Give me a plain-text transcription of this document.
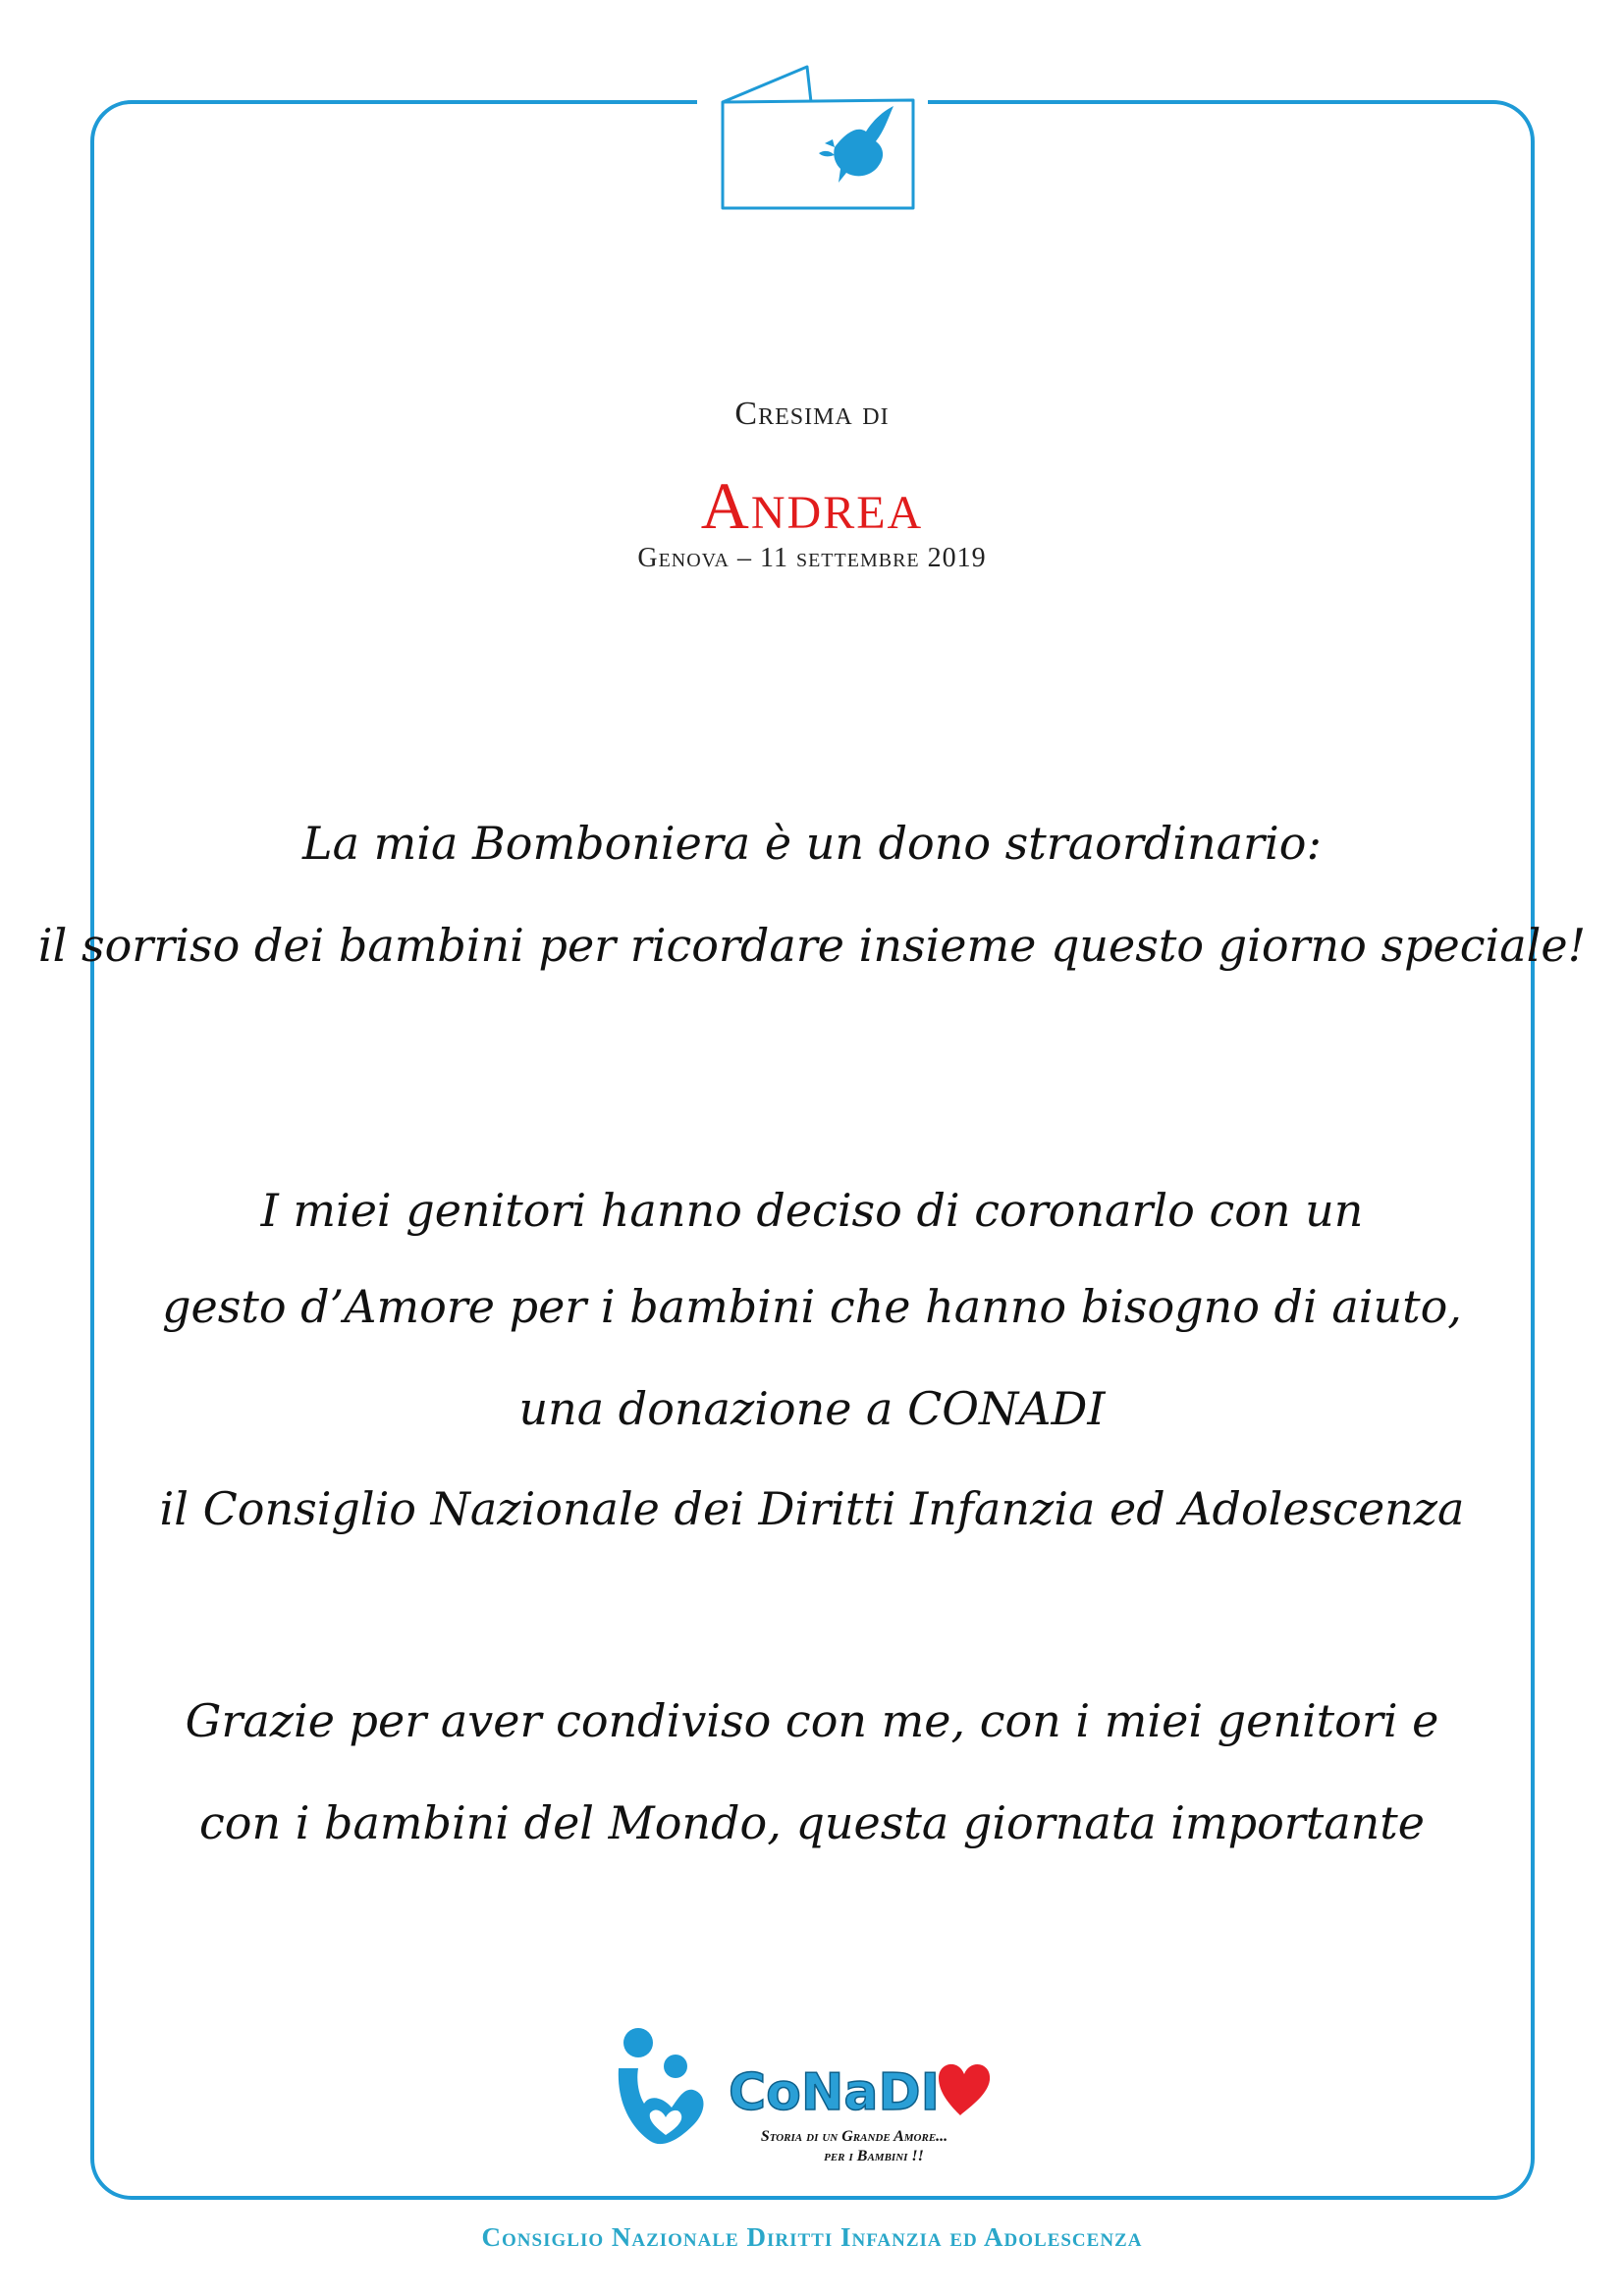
Cresima di
Andrea
Genova – 11 settembre 2019
La mia Bomboniera è un dono straordinario:
il sorriso dei bambini per ricordare insieme questo giorno speciale!
I miei genitori hanno deciso di coronarlo con un
gesto d’Amore per i bambini che hanno bisogno di aiuto,
una donazione a CONADI
il Consiglio Nazionale dei Diritti Infanzia ed Adolescenza
Grazie per aver condiviso con me, con i miei genitori e
con i bambini del Mondo, questa giornata importante
CoNaDI
Storia di un Grande Amore...
per i Bambini !!
Consiglio Nazionale Diritti Infanzia ed Adolescenza
